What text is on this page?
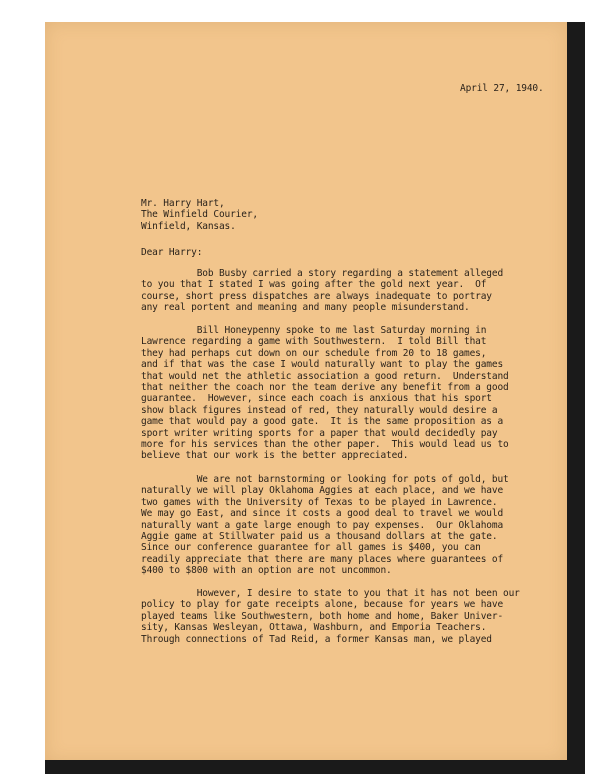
April 27, 1940.
Mr. Harry Hart,
The Winfield Courier,
Winfield, Kansas.
Dear Harry:
Bob Busby carried a story regarding a statement alleged
to you that I stated I was going after the gold next year.  Of
course, short press dispatches are always inadequate to portray
any real portent and meaning and many people misunderstand.
Bill Honeypenny spoke to me last Saturday morning in
Lawrence regarding a game with Southwestern.  I told Bill that
they had perhaps cut down on our schedule from 20 to 18 games,
and if that was the case I would naturally want to play the games
that would net the athletic association a good return.  Understand
that neither the coach nor the team derive any benefit from a good
guarantee.  However, since each coach is anxious that his sport
show black figures instead of red, they naturally would desire a
game that would pay a good gate.  It is the same proposition as a
sport writer writing sports for a paper that would decidedly pay
more for his services than the other paper.  This would lead us to
believe that our work is the better appreciated.
We are not barnstorming or looking for pots of gold, but
naturally we will play Oklahoma Aggies at each place, and we have
two games with the University of Texas to be played in Lawrence.
We may go East, and since it costs a good deal to travel we would
naturally want a gate large enough to pay expenses.  Our Oklahoma
Aggie game at Stillwater paid us a thousand dollars at the gate.
Since our conference guarantee for all games is $400, you can
readily appreciate that there are many places where guarantees of
$400 to $800 with an option are not uncommon.
However, I desire to state to you that it has not been our
policy to play for gate receipts alone, because for years we have
played teams like Southwestern, both home and home, Baker Univer-
sity, Kansas Wesleyan, Ottawa, Washburn, and Emporia Teachers.
Through connections of Tad Reid, a former Kansas man, we played
